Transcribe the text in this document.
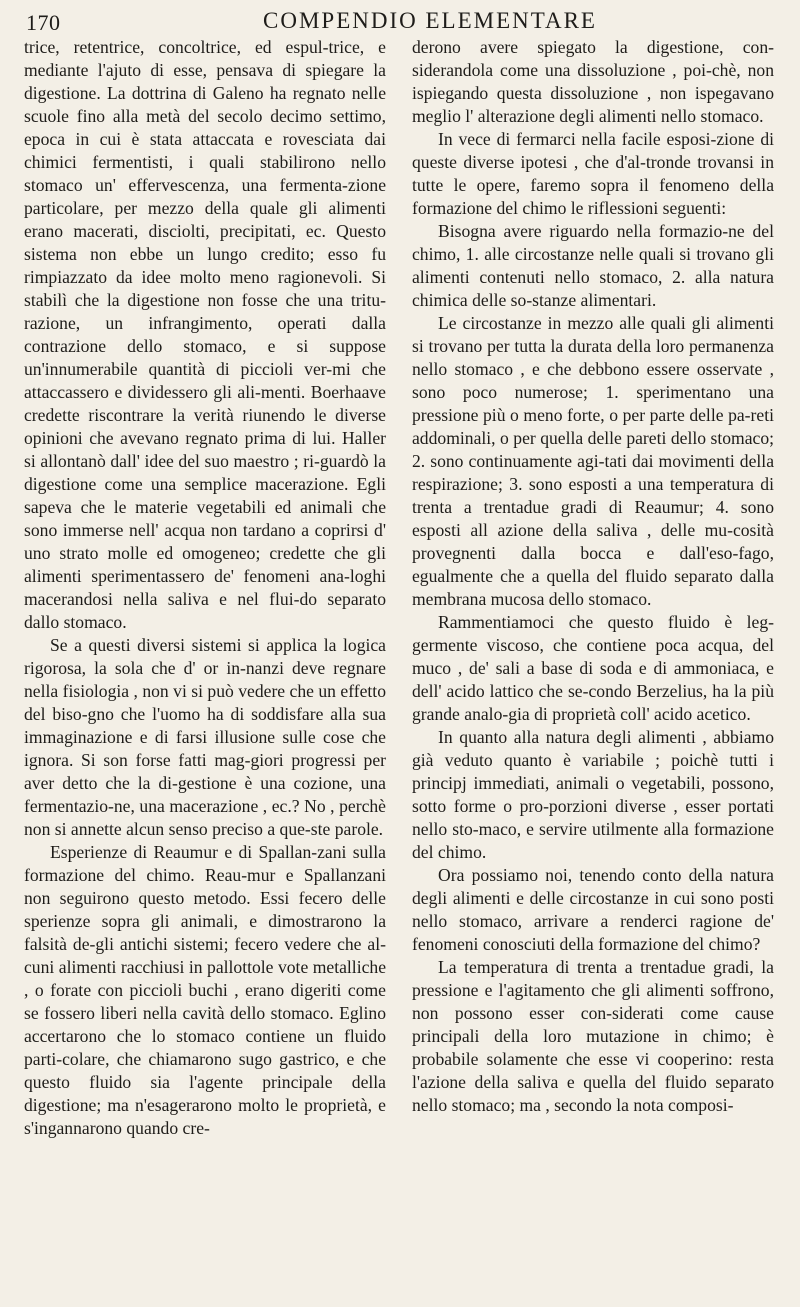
170	COMPENDIO ELEMENTARE

trice, retentrice, concoltrice, ed espul-trice, e mediante l'ajuto di esse, pensava di spiegare la digestione. La dottrina di Galeno ha regnato nelle scuole fino alla metà del secolo decimo settimo, epoca in cui è stata attaccata e rovesciata dai chimici fermentisti, i quali stabilirono nello stomaco un' effervescenza, una fermenta-zione particolare, per mezzo della quale gli alimenti erano macerati, disciolti, precipitati, ec. Questo sistema non ebbe un lungo credito; esso fu rimpiazzato da idee molto meno ragionevoli. Si stabilì che la digestione non fosse che una tritu-razione, un infrangimento, operati dalla contrazione dello stomaco, e si suppose un'innumerabile quantità di piccioli ver-mi che attaccassero e dividessero gli ali-menti. Boerhaave credette riscontrare la verità riunendo le diverse opinioni che avevano regnato prima di lui. Haller si allontanò dall' idee del suo maestro ; ri-guardò la digestione come una semplice macerazione. Egli sapeva che le materie vegetabili ed animali che sono immerse nell' acqua non tardano a coprirsi d' uno strato molle ed omogeneo; credette che gli alimenti sperimentassero de' fenomeni ana-loghi macerandosi nella saliva e nel flui-do separato dallo stomaco.

Se a questi diversi sistemi si applica la logica rigorosa, la sola che d' or in-nanzi deve regnare nella fisiologia , non vi si può vedere che un effetto del biso-gno che l'uomo ha di soddisfare alla sua immaginazione e di farsi illusione sulle cose che ignora. Si son forse fatti mag-giori progressi per aver detto che la di-gestione è una cozione, una fermentazio-ne, una macerazione , ec.? No , perchè non si annette alcun senso preciso a que-ste parole.

Esperienze di Reaumur e di Spallan-zani sulla formazione del chimo. Reau-mur e Spallanzani non seguirono questo metodo. Essi fecero delle sperienze sopra gli animali, e dimostrarono la falsità de-gli antichi sistemi; fecero vedere che al-cuni alimenti racchiusi in pallottole vote metalliche , o forate con piccioli buchi , erano digeriti come se fossero liberi nella cavità dello stomaco. Eglino accertarono che lo stomaco contiene un fluido parti-colare, che chiamarono sugo gastrico, e che questo fluido sia l'agente principale della digestione; ma n'esagerarono molto le proprietà, e s'ingannarono quando cre-

derono avere spiegato la digestione, con-siderandola come una dissoluzione , poi-chè, non ispiegando questa dissoluzione , non ispegavano meglio l' alterazione degli alimenti nello stomaco.

In vece di fermarci nella facile esposi-zione di queste diverse ipotesi , che d'al-tronde trovansi in tutte le opere, faremo sopra il fenomeno della formazione del chimo le riflessioni seguenti:

Bisogna avere riguardo nella formazio-ne del chimo, 1. alle circostanze nelle quali si trovano gli alimenti contenuti nello stomaco, 2. alla natura chimica delle so-stanze alimentari.

Le circostanze in mezzo alle quali gli alimenti si trovano per tutta la durata della loro permanenza nello stomaco , e che debbono essere osservate , sono poco numerose; 1. sperimentano una pressione più o meno forte, o per parte delle pa-reti addominali, o per quella delle pareti dello stomaco; 2. sono continuamente agi-tati dai movimenti della respirazione; 3. sono esposti a una temperatura di trenta a trentadue gradi di Reaumur; 4. sono esposti all azione della saliva , delle mu-cosità provegnenti dalla bocca e dall'eso-fago, egualmente che a quella del fluido separato dalla membrana mucosa dello stomaco.

Rammentiamoci che questo fluido è leg-germente viscoso, che contiene poca acqua, del muco , de' sali a base di soda e di ammoniaca, e dell' acido lattico che se-condo Berzelius, ha la più grande analo-gia di proprietà coll' acido acetico.

In quanto alla natura degli alimenti , abbiamo già veduto quanto è variabile ; poichè tutti i principj immediati, animali o vegetabili, possono, sotto forme o pro-porzioni diverse , esser portati nello sto-maco, e servire utilmente alla formazione del chimo.

Ora possiamo noi, tenendo conto della natura degli alimenti e delle circostanze in cui sono posti nello stomaco, arrivare a renderci ragione de' fenomeni conosciuti della formazione del chimo?

La temperatura di trenta a trentadue gradi, la pressione e l'agitamento che gli alimenti soffrono, non possono esser con-siderati come cause principali della loro mutazione in chimo; è probabile solamente che esse vi cooperino: resta l'azione della saliva e quella del fluido separato nello stomaco; ma , secondo la nota composi-
